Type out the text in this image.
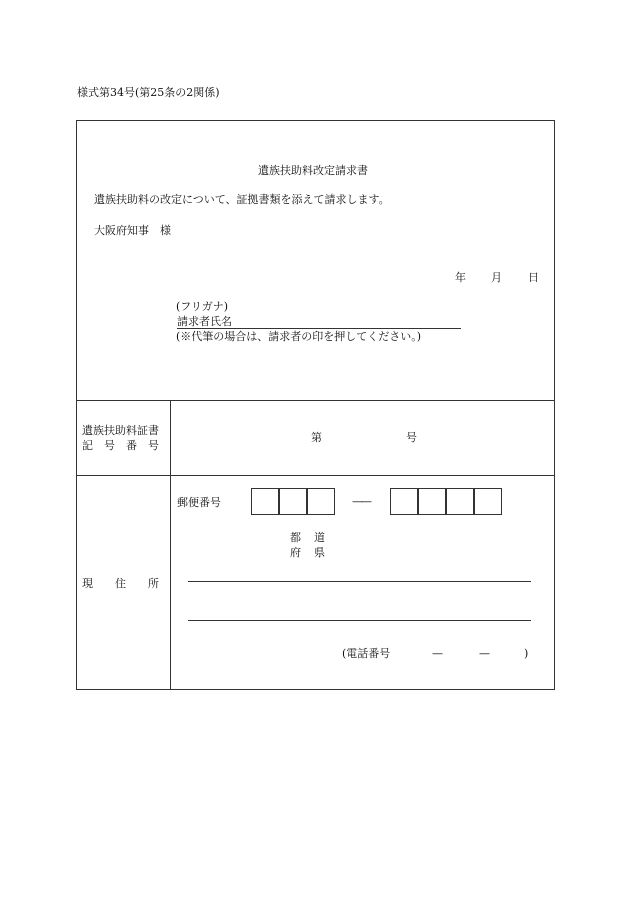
様式第34号(第25条の2関係)
遺族扶助料改定請求書
遺族扶助料の改定について、証拠書類を添えて請求します。
大阪府知事　様
年 月 日
(フリガナ)
請求者氏名
(※代筆の場合は、請求者の印を押してください。)
遺族扶助料証書
記　号　番　号
第	号
現　　住　　所
郵便番号	——
都 道
府 県
(電話番号	—	—	)
